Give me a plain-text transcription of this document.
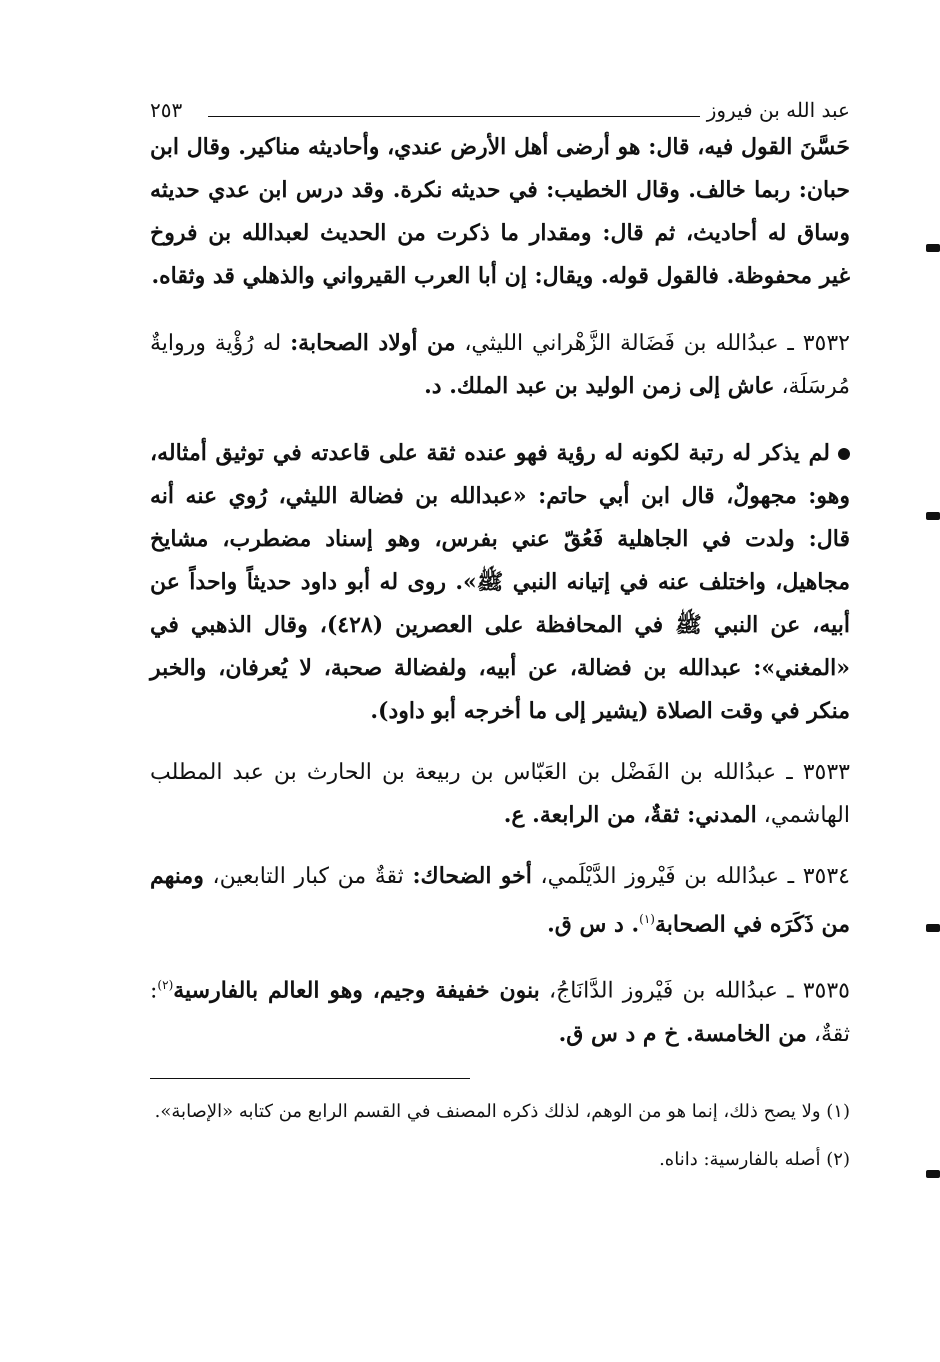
عبد الله بن فيروز
٢٥٣

حَسَّنَ القول فيه، قال: هو أرضى أهل الأرض عندي، وأحاديثه مناكير. وقال ابن حبان: ربما خالف. وقال الخطيب: في حديثه نكرة. وقد درس ابن عدي حديثه وساق له أحاديث، ثم قال: ومقدار ما ذكرت من الحديث لعبدالله بن فروخ غير محفوظة. فالقول قوله. ويقال: إن أبا العرب القيرواني والذهلي قد وثقاه.

٣٥٣٢ ـ عبدُالله بن فَضَالة الزَّهْراني الليثي، من أولاد الصحابة: له رُؤْية وروايةٌ مُرسَلَة، عاش إلى زمن الوليد بن عبد الملك. د.

لم يذكر له رتبة لكونه له رؤية فهو عنده ثقة على قاعدته في توثيق أمثاله، وهو: مجهولٌ، قال ابن أبي حاتم: «عبدالله بن فضالة الليثي، رُوي عنه أنه قال: ولدت في الجاهلية فَعُقّ عني بفرس، وهو إسناد مضطرب، مشايخ مجاهيل، واختلف عنه في إتيانه النبي ﷺ». روى له أبو داود حديثاً واحداً عن أبيه، عن النبي ﷺ في المحافظة على العصرين (٤٢٨)، وقال الذهبي في «المغني»: عبدالله بن فضالة، عن أبيه، ولفضالة صحبة، لا يُعرفان، والخبر منكر في وقت الصلاة (يشير إلى ما أخرجه أبو داود).

٣٥٣٣ ـ عبدُالله بن الفَضْل بن العَبّاس بن ربيعة بن الحارث بن عبد المطلب الهاشمي، المدني: ثقةٌ، من الرابعة. ع.

٣٥٣٤ ـ عبدُالله بن فَيْروز الدَّيْلَمي، أخو الضحاك: ثقةٌ من كبار التابعين، ومنهم من ذَكَرَه في الصحابة$^{(١)}$. د س ق.

٣٥٣٥ ـ عبدُالله بن فَيْروز الدَّانَاجُ، بنون خفيفة وجيم، وهو العالم بالفارسية$^{(٢)}$: ثقةٌ، من الخامسة. خ م د س ق.

(١) ولا يصح ذلك، إنما هو من الوهم، لذلك ذكره المصنف في القسم الرابع من كتابه «الإصابة».

(٢) أصله بالفارسية: داناه.
